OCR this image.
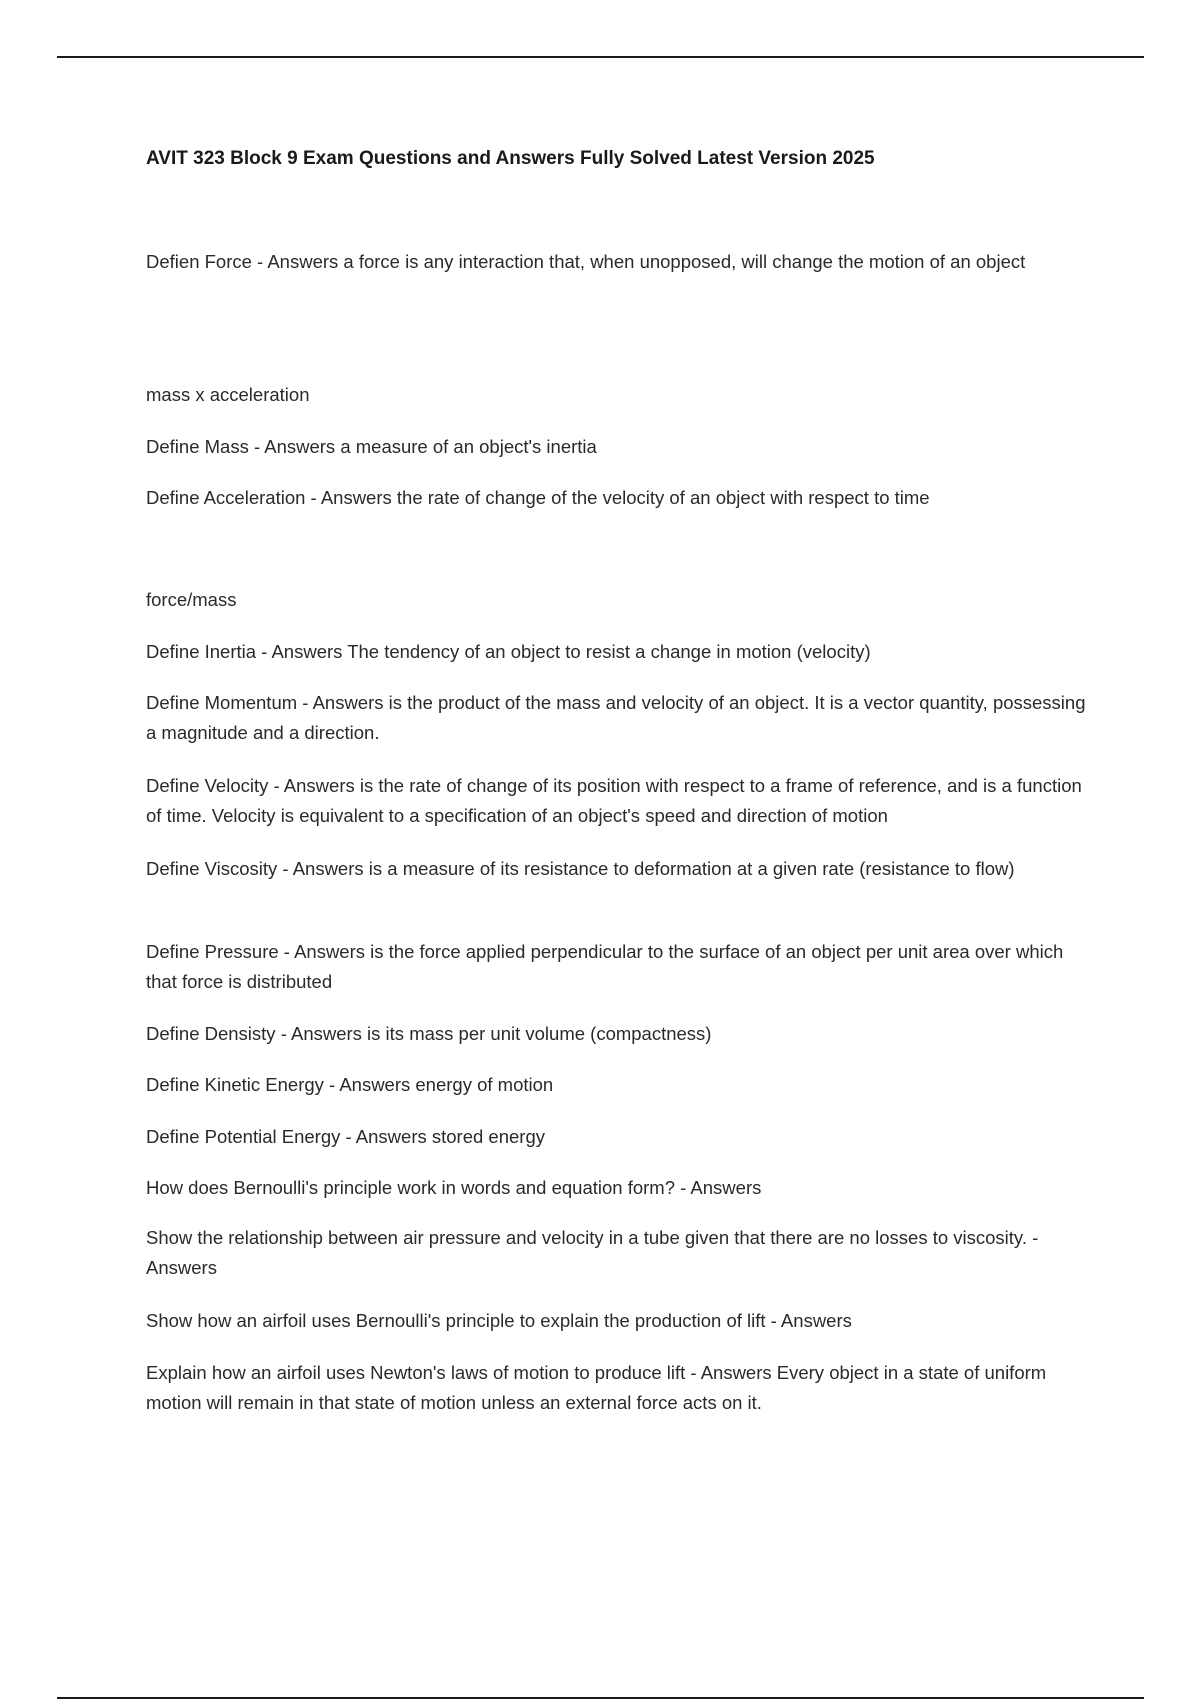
AVIT 323 Block 9 Exam Questions and Answers Fully Solved Latest Version 2025
Defien Force - Answers a force is any interaction that, when unopposed, will change the motion of an object
mass x acceleration
Define Mass - Answers a measure of an object's inertia
Define Acceleration - Answers the rate of change of the velocity of an object with respect to time
force/mass
Define Inertia - Answers The tendency of an object to resist a change in motion (velocity)
Define Momentum - Answers is the product of the mass and velocity of an object. It is a vector quantity, possessing a magnitude and a direction.
Define Velocity - Answers is the rate of change of its position with respect to a frame of reference, and is a function of time. Velocity is equivalent to a specification of an object's speed and direction of motion
Define Viscosity - Answers is a measure of its resistance to deformation at a given rate (resistance to flow)
Define Pressure - Answers is the force applied perpendicular to the surface of an object per unit area over which that force is distributed
Define Densisty - Answers is its mass per unit volume (compactness)
Define Kinetic Energy - Answers energy of motion
Define Potential Energy - Answers stored energy
How does Bernoulli's principle work in words and equation form? - Answers
Show the relationship between air pressure and velocity in a tube given that there are no losses to viscosity. - Answers
Show how an airfoil uses Bernoulli's principle to explain the production of lift - Answers
Explain how an airfoil uses Newton's laws of motion to produce lift - Answers Every object in a state of uniform motion will remain in that state of motion unless an external force acts on it.
